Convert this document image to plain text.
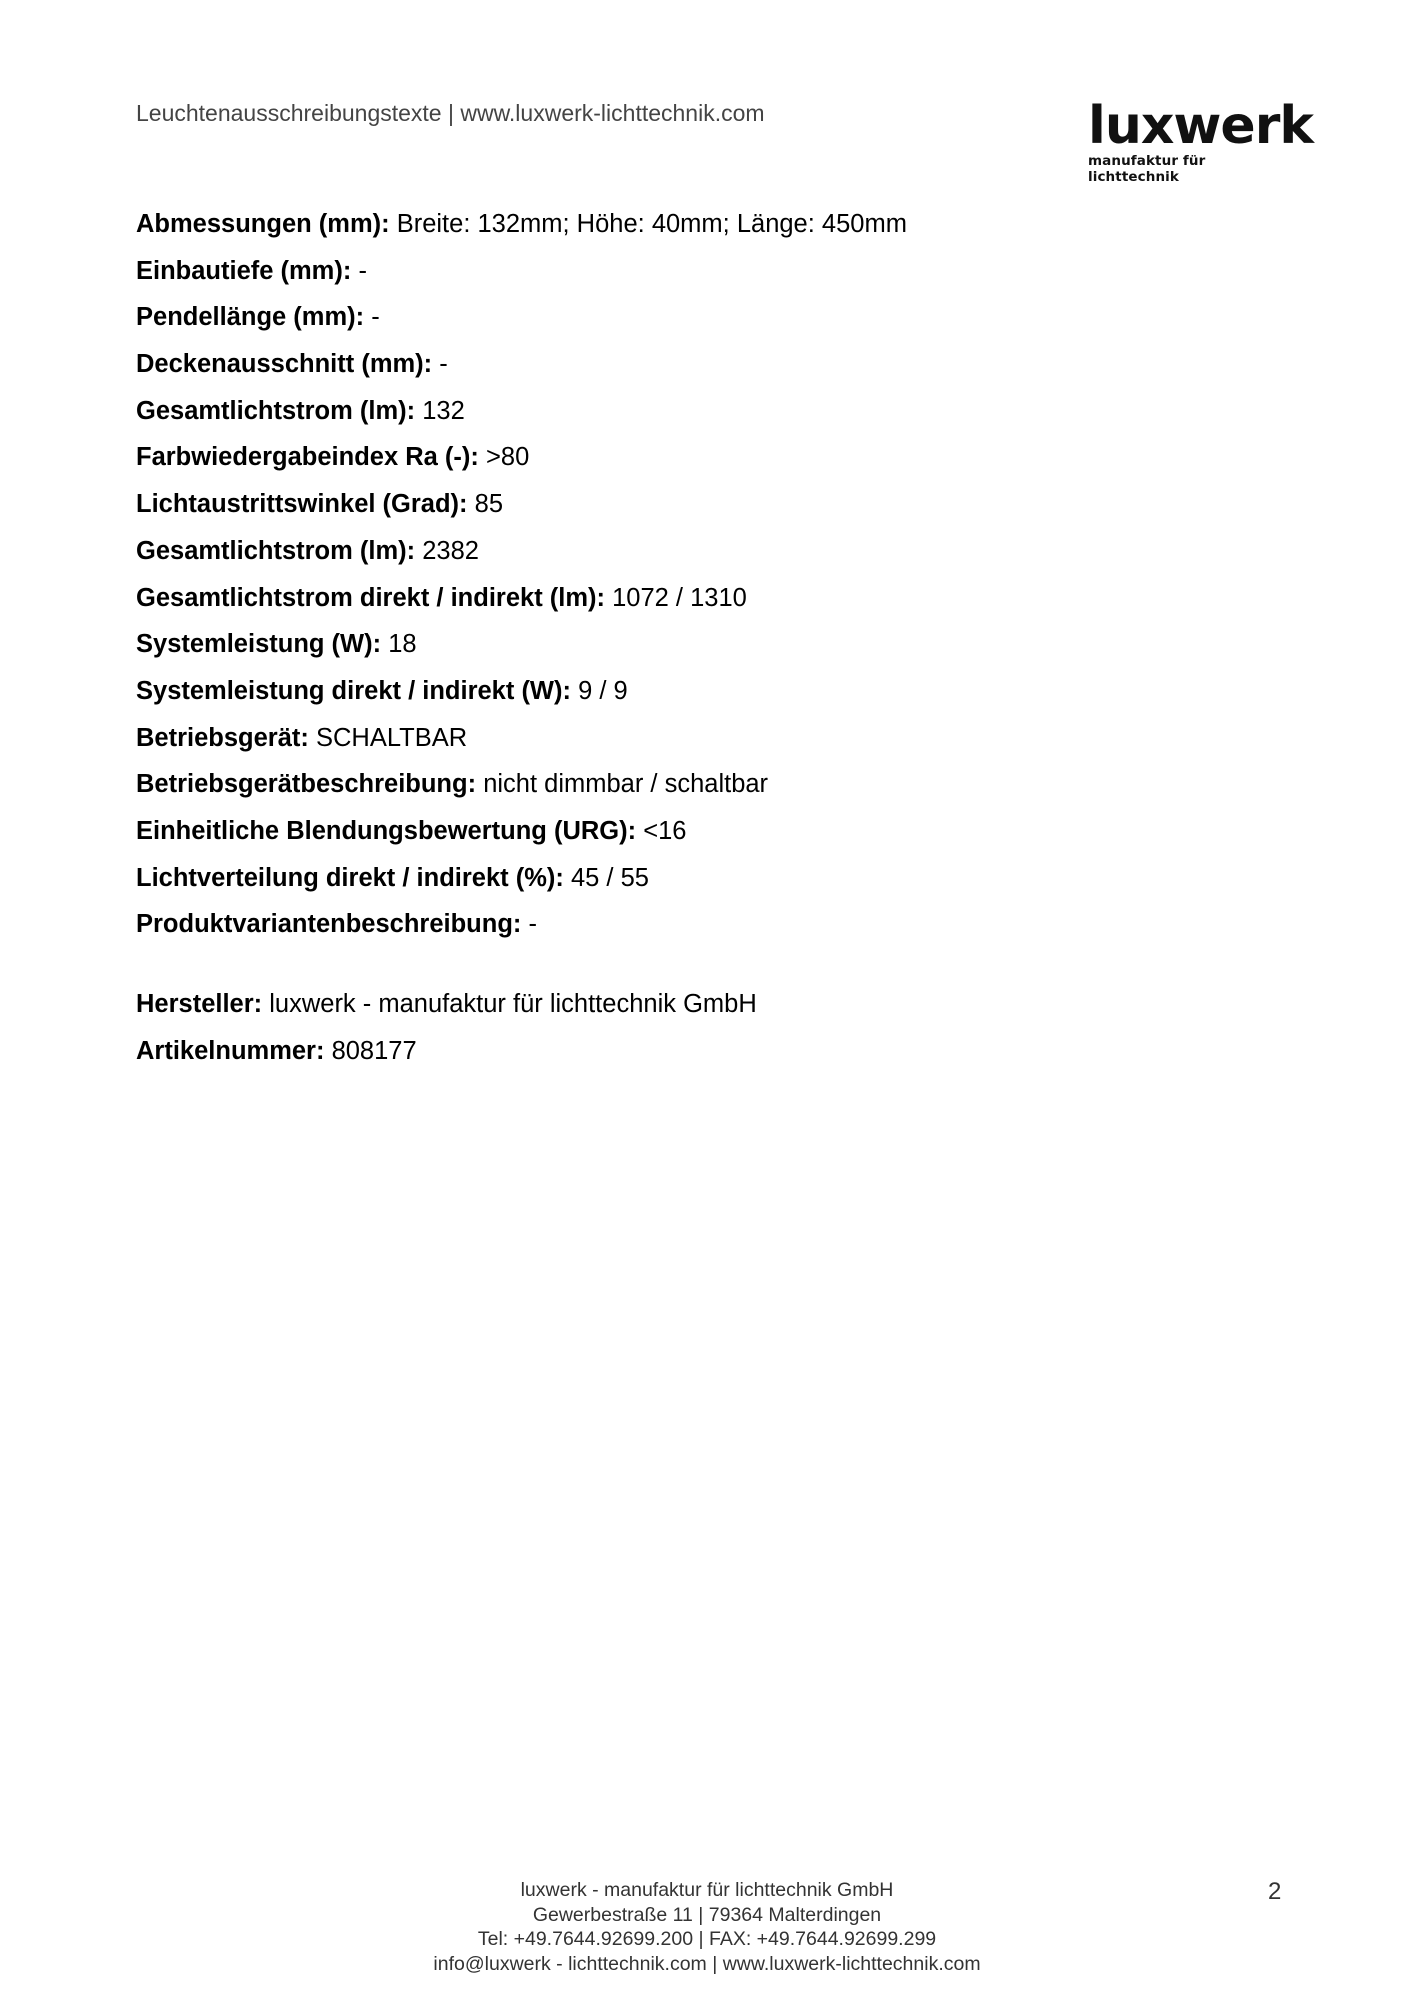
Leuchtenausschreibungstexte | www.luxwerk-lichttechnik.com	luxwerk
manufaktur für lichttechnik
Abmessungen (mm): Breite: 132mm; Höhe: 40mm; Länge: 450mm
Einbautiefe (mm): -
Pendellänge (mm): -
Deckenausschnitt (mm): -
Gesamtlichtstrom (lm): 132
Farbwiedergabeindex Ra (-): >80
Lichtaustrittswinkel (Grad): 85
Gesamtlichtstrom (lm): 2382
Gesamtlichtstrom direkt / indirekt (lm): 1072 / 1310
Systemleistung (W): 18
Systemleistung direkt / indirekt (W): 9 / 9
Betriebsgerät: SCHALTBAR
Betriebsgerätbeschreibung: nicht dimmbar / schaltbar
Einheitliche Blendungsbewertung (URG): <16
Lichtverteilung direkt / indirekt (%): 45 / 55
Produktvariantenbeschreibung: -
Hersteller: luxwerk - manufaktur für lichttechnik GmbH
Artikelnummer: 808177
luxwerk - manufaktur für lichttechnik GmbH
Gewerbestraße 11 | 79364 Malterdingen
Tel: +49.7644.92699.200 | FAX: +49.7644.92699.299
info@luxwerk - lichttechnik.com | www.luxwerk-lichttechnik.com
2
